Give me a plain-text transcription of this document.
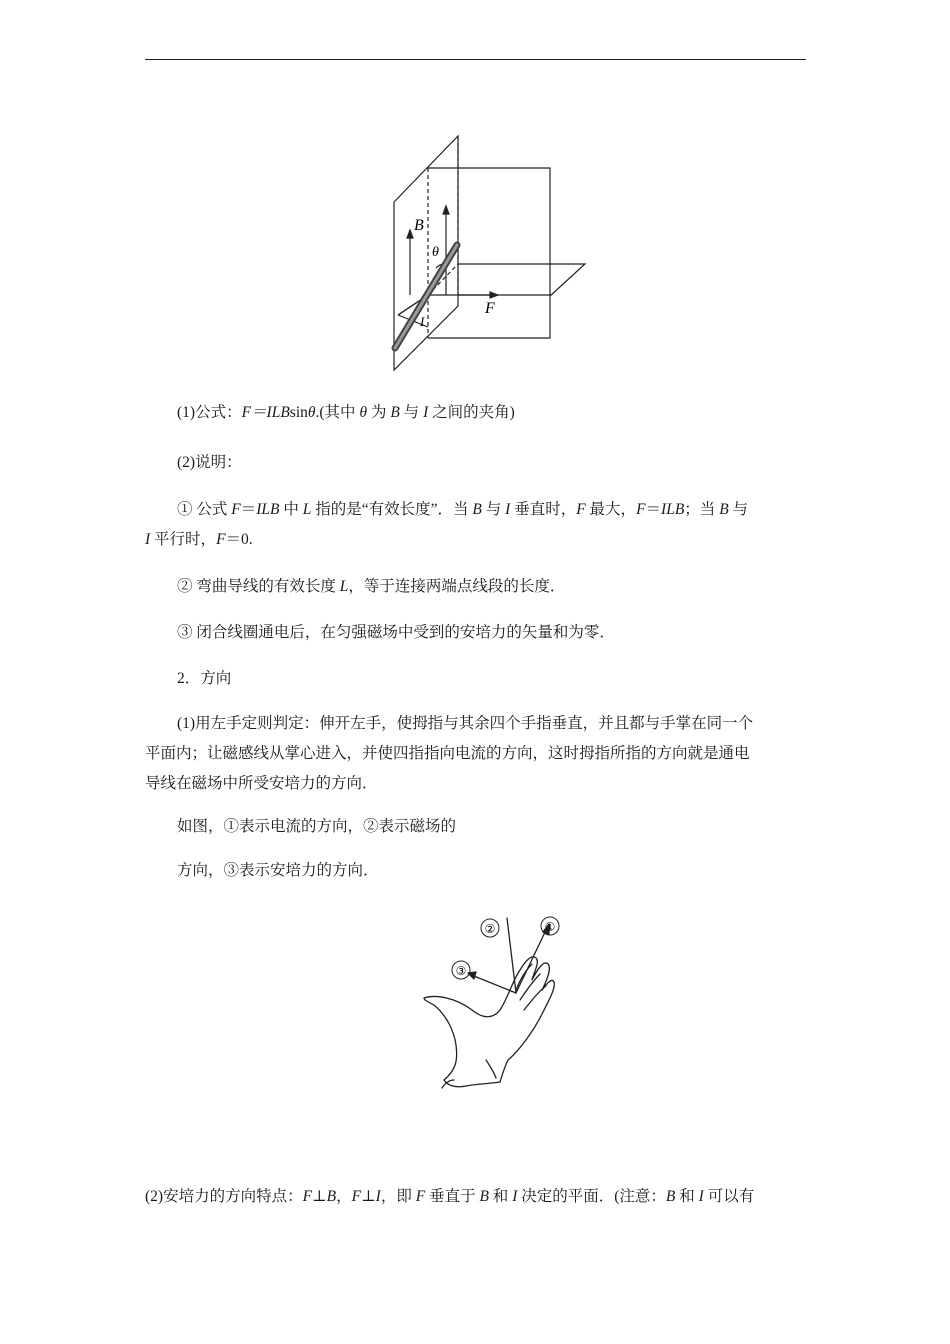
B
θ
F
I
(1)公式：F＝ILBsinθ.(其中 θ 为 B 与 I 之间的夹角)
(2)说明：
① 公式 F＝ILB 中 L 指的是“有效长度”．当 B 与 I 垂直时，F 最大，F＝ILB；当 B 与
I 平行时，F＝0.
② 弯曲导线的有效长度 L，等于连接两端点线段的长度．
③ 闭合线圈通电后，在匀强磁场中受到的安培力的矢量和为零．
2．方向
(1)用左手定则判定：伸开左手，使拇指与其余四个手指垂直，并且都与手掌在同一个
平面内；让磁感线从掌心进入，并使四指指向电流的方向，这时拇指所指的方向就是通电
导线在磁场中所受安培力的方向．
如图，①表示电流的方向，②表示磁场的
方向，③表示安培力的方向．
②	①
③
(2)安培力的方向特点：F⊥B，F⊥I，即 F 垂直于 B 和 I 决定的平面．(注意：B 和 I 可以有
